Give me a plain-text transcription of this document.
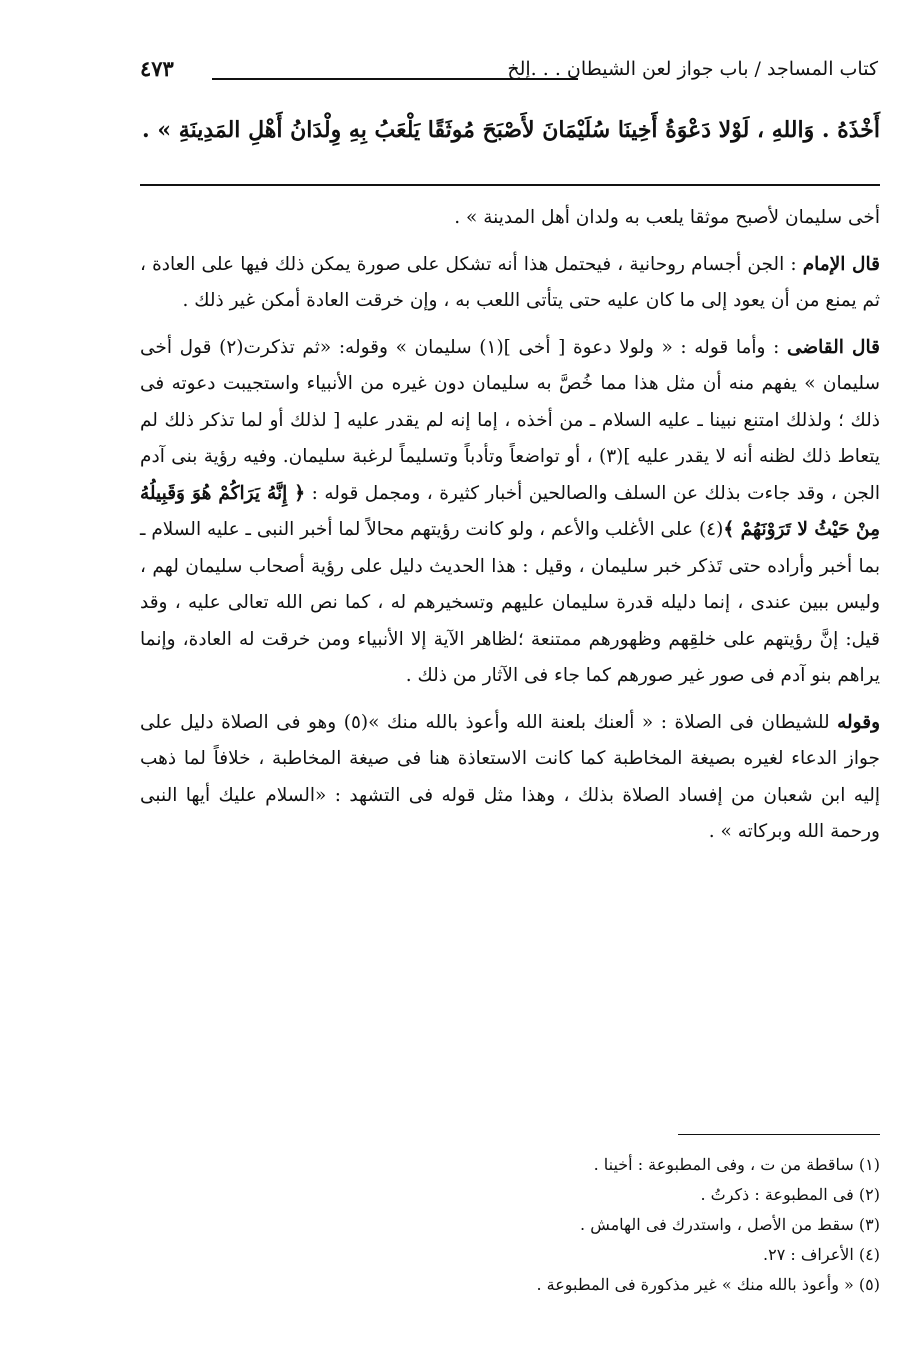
كتاب المساجد / باب جواز لعن الشيطان . . .إلخ
٤٧٣
أَخْذَهُ . وَاللهِ ، لَوْلا دَعْوَةُ أَخِينَا سُلَيْمَانَ لأَصْبَحَ مُوثَقًا يَلْعَبُ بِهِ وِلْدَانُ أَهْلِ المَدِينَةِ » .

أخى سليمان لأصبح موثقا يلعب به ولدان أهل المدينة » .

قال الإمام : الجن أجسام روحانية ، فيحتمل هذا أنه تشكل على صورة يمكن ذلك فيها على العادة ، ثم يمنع من أن يعود إلى ما كان عليه حتى يتأتى اللعب به ، وإن خرقت العادة أمكن غير ذلك .

قال القاضى : وأما قوله : « ولولا دعوة [ أخى ](١) سليمان » وقوله: «ثم تذكرت(٢) قول أخى سليمان » يفهم منه أن مثل هذا مما خُصَّ به سليمان دون غيره من الأنبياء واستجيبت دعوته فى ذلك ؛ ولذلك امتنع نبينا ـ عليه السلام ـ من أخذه ، إما إنه لم يقدر عليه [ لذلك أو لما تذكر ذلك لم يتعاط ذلك لظنه أنه لا يقدر عليه ](٣) ، أو تواضعاً وتأدباً وتسليماً لرغبة سليمان. وفيه رؤية بنى آدم الجن ، وقد جاءت بذلك عن السلف والصالحين أخبار كثيرة ، ومجمل قوله : ﴿ إِنَّهُ يَرَاكُمْ هُوَ وَقَبِيلُهُ مِنْ حَيْثُ لا تَرَوْنَهُمْ ﴾(٤) على الأغلب والأعم ، ولو كانت رؤيتهم محالاً لما أخبر النبى ـ عليه السلام ـ بما أخبر وأراده حتى تَذكر خبر سليمان ، وقيل : هذا الحديث دليل على رؤية أصحاب سليمان لهم ، وليس ببين عندى ، إنما دليله قدرة سليمان عليهم وتسخيرهم له ، كما نص الله تعالى عليه ، وقد قيل: إنَّ رؤيتهم على خلقِهم وظهورهم ممتنعة ؛لظاهر الآية إلا الأنبياء ومن خرقت له العادة، وإنما يراهم بنو آدم فى صور غير صورهم كما جاء فى الآثار من ذلك .

وقوله للشيطان فى الصلاة : « ألعنك بلعنة الله وأعوذ بالله منك »(٥) وهو فى الصلاة دليل على جواز الدعاء لغيره بصيغة المخاطبة كما كانت الاستعاذة هنا فى صيغة المخاطبة ، خلافاً لما ذهب إليه ابن شعبان من إفساد الصلاة بذلك ، وهذا مثل قوله فى التشهد : «السلام عليك أيها النبى ورحمة الله وبركاته » .

(١) ساقطة من ت ، وفى المطبوعة : أخينا .

(٢) فى المطبوعة : ذكرتُ .

(٣) سقط من الأصل ، واستدرك فى الهامش .

(٤) الأعراف : ٢٧.

(٥) « وأعوذ بالله منك » غير مذكورة فى المطبوعة .
